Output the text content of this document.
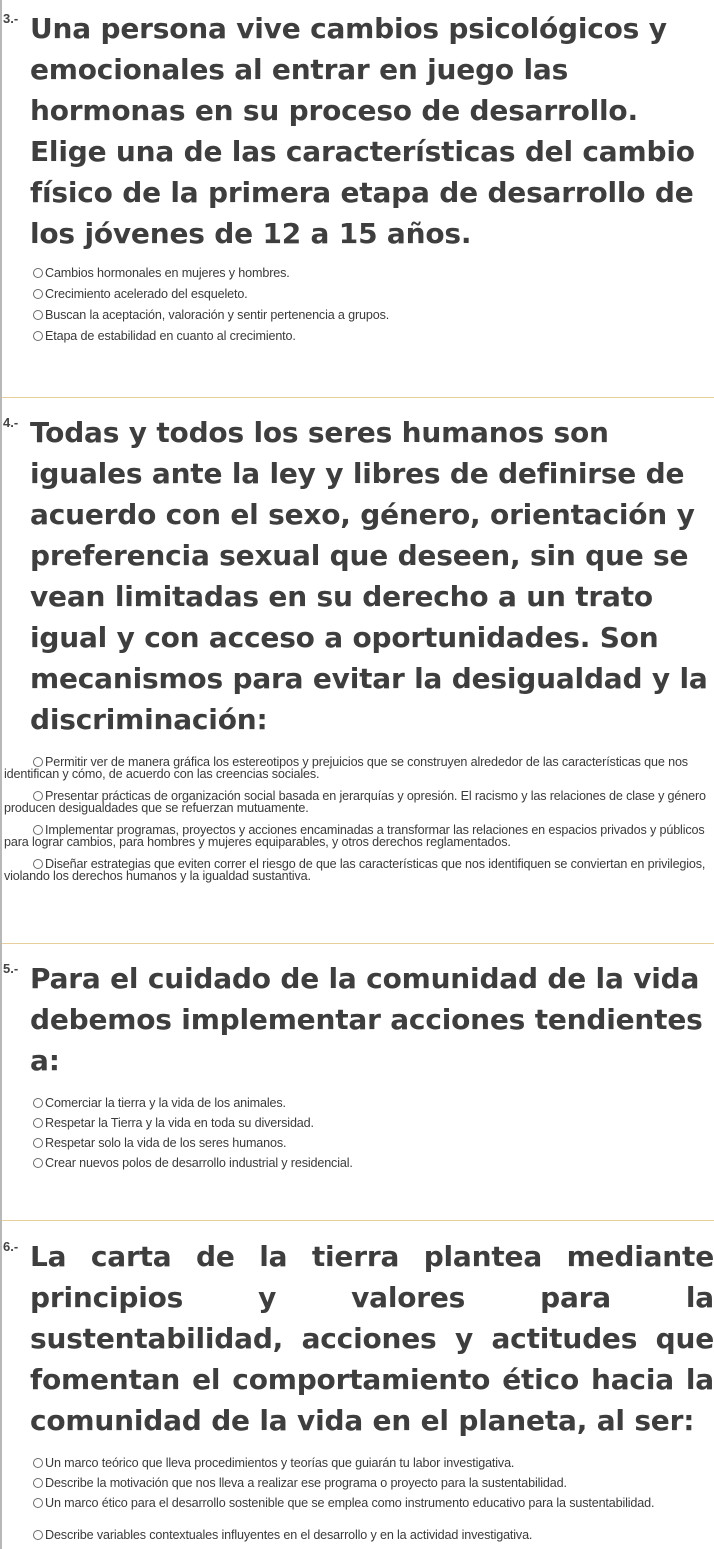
3.- Una persona vive cambios psicológicos y emocionales al entrar en juego las hormonas en su proceso de desarrollo. Elige una de las características del cambio físico de la primera etapa de desarrollo de los jóvenes de 12 a 15 años.

Cambios hormonales en mujeres y hombres.
Crecimiento acelerado del esqueleto.
Buscan la aceptación, valoración y sentir pertenencia a grupos.
Etapa de estabilidad en cuanto al crecimiento.
4.- Todas y todos los seres humanos son iguales ante la ley y libres de definirse de acuerdo con el sexo, género, orientación y preferencia sexual que deseen, sin que se vean limitadas en su derecho a un trato igual y con acceso a oportunidades. Son mecanismos para evitar la desigualdad y la discriminación:

Permitir ver de manera gráfica los estereotipos y prejuicios que se construyen alrededor de las características que nos identifican y cómo, de acuerdo con las creencias sociales.
Presentar prácticas de organización social basada en jerarquías y opresión. El racismo y las relaciones de clase y género producen desigualdades que se refuerzan mutuamente.
Implementar programas, proyectos y acciones encaminadas a transformar las relaciones en espacios privados y públicos para lograr cambios, para hombres y mujeres equiparables, y otros derechos reglamentados.
Diseñar estrategias que eviten correr el riesgo de que las características que nos identifiquen se conviertan en privilegios, violando los derechos humanos y la igualdad sustantiva.
5.- Para el cuidado de la comunidad de la vida debemos implementar acciones tendientes a:

Comerciar la tierra y la vida de los animales.
Respetar la Tierra y la vida en toda su diversidad.
Respetar solo la vida de los seres humanos.
Crear nuevos polos de desarrollo industrial y residencial.
6.- La carta de la tierra plantea mediante principios y valores para la sustentabilidad, acciones y actitudes que fomentan el comportamiento ético hacia la comunidad de la vida en el planeta, al ser:

Un marco teórico que lleva procedimientos y teorías que guiarán tu labor investigativa.
Describe la motivación que nos lleva a realizar ese programa o proyecto para la sustentabilidad.
Un marco ético para el desarrollo sostenible que se emplea como instrumento educativo para la sustentabilidad.
Describe variables contextuales influyentes en el desarrollo y en la actividad investigativa.
